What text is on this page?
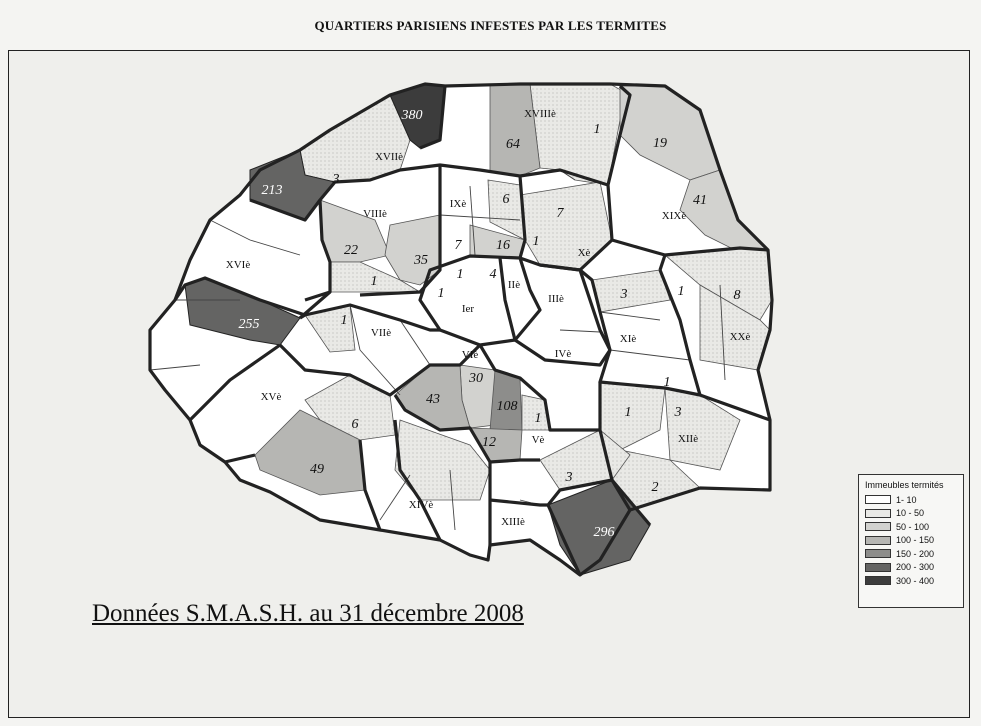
QUARTIERS PARISIENS INFESTES PAR LES TERMITES
Ier
IIè
IIIè
IVè
Vè
VIè
VIIè
VIIIè
IXè
Xè
XIè
XIIè
XIIIè
XIVè
XVè
XVIè
XVIIè
XVIIIè
XIXè
XXè
380
64
1
19
3
213
6
7
41
22	7 16 1
35
1	1 4
1	3	1	8
255	1
30
43	108
1	1
1
3
6
12
49
3
2
296
Données S.M.A.S.H. au 31 décembre 2008
Immeubles termités
1- 10
10 - 50
50 - 100
100 - 150
150 - 200
200 - 300
300 - 400
